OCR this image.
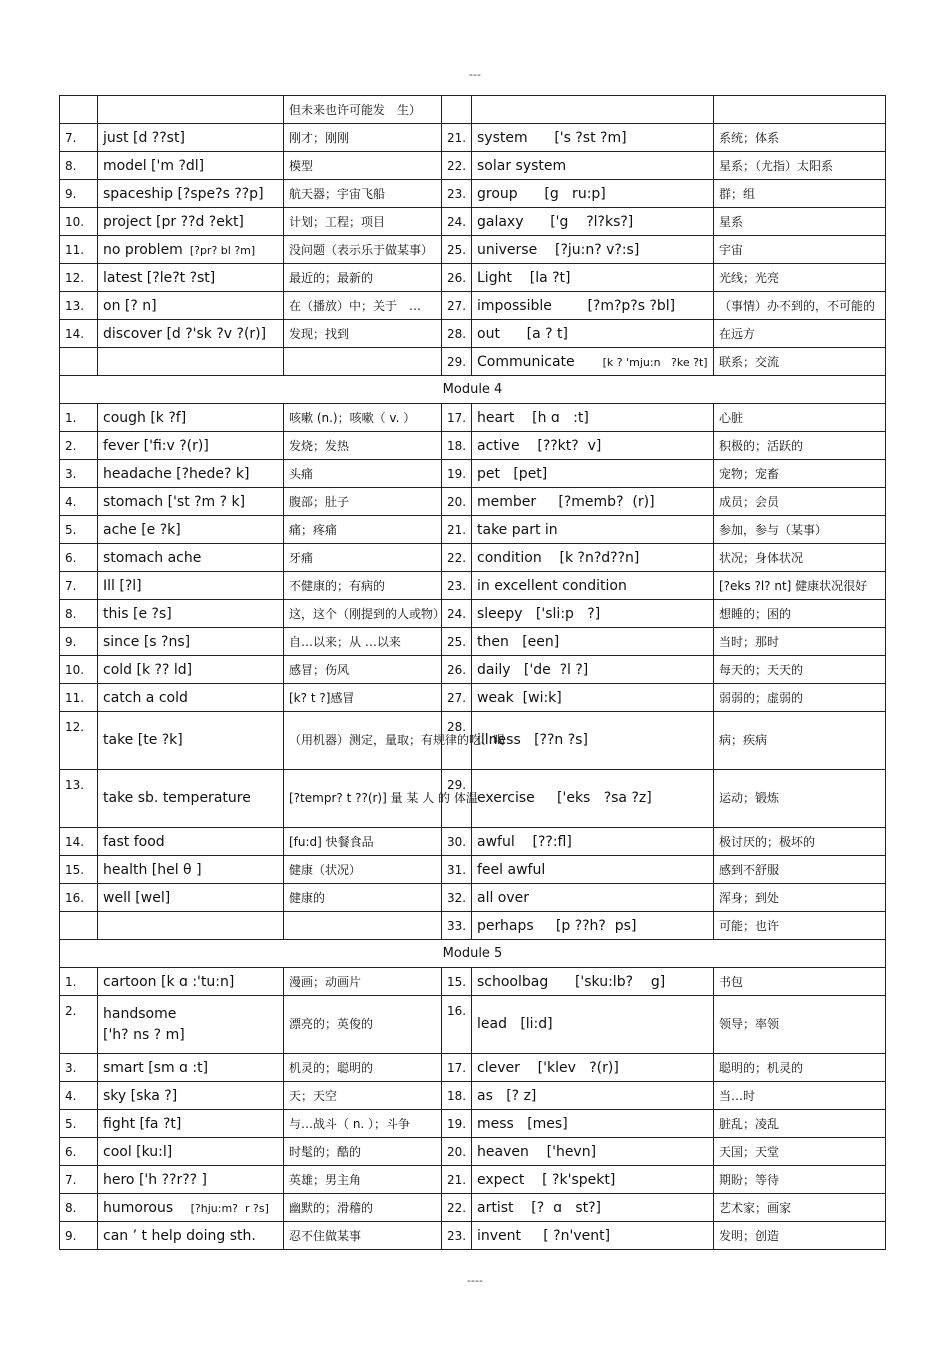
---
		但未来也许可能发　生）			
7.	just [d ??st]	刚才；刚刚	21.	system      ['s ?st ?m]	系统；体系
8.	model ['m ?dl]	模型	22.	solar system	星系；（尤指）太阳系
9.	spaceship [?spe?s ??p]	航天器；宇宙飞船	23.	group      [g   ru:p]	群；组
10.	project [pr ??d ?ekt]	计划；工程；项目	24.	galaxy      ['g    ?l?ks?]	星系
11.	no problem  [?pr? bl ?m]	没问题（表示乐于做某事）	25.	universe    [?ju:n? v?:s]	宇宙
12.	latest [?le?t ?st]	最近的；最新的	26.	Light    [la ?t]	光线；光亮
13.	on [? n]	在（播放）中；关于　…	27.	impossible        [?m?p?s ?bl]	（事情）办不到的，不可能的
14.	discover [d ?'sk ?v ?(r)]	发现；找到	28.	out      [a ? t]	在远方
			29.	Communicate        [k ? 'mju:n   ?ke ?t]	联系；交流
Module 4					
1.	cough [k ?f]	咳嗽 (n.)；咳嗽（ v. ）	17.	heart    [h ɑ   :t]	心脏
2.	fever ['fi:v ?(r)]	发烧；发热	18.	active    [??kt?  v]	积极的；活跃的
3.	headache [?hede? k]	头痛	19.	pet   [pet]	宠物；宠畜
4.	stomach ['st ?m ? k]	腹部；肚子	20.	member     [?memb?  (r)]	成员；会员
5.	ache [e ?k]	痛；疼痛	21.	take part in	参加，参与（某事）
6.	stomach ache	牙痛	22.	condition    [k ?n?d??n]	状况；身体状况
7.	Ill [?l]	不健康的；有病的	23.	in excellent condition	[?eks ?l? nt] 健康状况很好
8.	this [e ?s]	这，这个（刚提到的人或物）	24.	sleepy   ['sli:p   ?]	想睡的；困的
9.	since [s ?ns]	自…以来；从 …以来	25.	then   [een]	当时；那时
10.	cold [k ?? ld]	感冒；伤风	26.	daily   ['de  ?l ?]	每天的；天天的
11.	catch a cold	[k? t ?]感冒	27.	weak  [wi:k]	弱弱的；虚弱的
12.	take [te ?k]	（用机器）测定，量取；有规律的吃、喝	28.	illness   [??n ?s]	病；疾病
13.	take sb. temperature	[?tempr? t ??(r)] 量 某 人 的 体温	29.	exercise     ['eks   ?sa ?z]	运动；锻炼
14.	fast food	[fu:d] 快餐食品	30.	awful    [??:fl]	极讨厌的；极坏的
15.	health [hel θ ]	健康（状况）	31.	feel awful	感到不舒服
16.	well [wel]	健康的	32.	all over	浑身；到处
			33.	perhaps     [p ??h?  ps]	可能；也许
Module 5					
1.	cartoon [k ɑ :'tu:n]	漫画；动画片	15.	schoolbag      ['sku:lb?    g]	书包
2.	handsome
['h? ns ? m]	漂亮的；英俊的	16.	lead   [li:d]	领导；率领
3.	smart [sm ɑ :t]	机灵的；聪明的	17.	clever    ['klev   ?(r)]	聪明的；机灵的
4.	sky [ska ?]	天；天空	18.	as   [? z]	当…时
5.	fight [fa ?t]	与…战斗（ n. ）；斗争	19.	mess   [mes]	脏乱；凌乱
6.	cool [ku:l]	时髦的；酷的	20.	heaven    ['hevn]	天国；天堂
7.	hero ['h ??r?? ]	英雄；男主角	21.	expect    [ ?k'spekt]	期盼；等待
8.	humorous     [?hju:m?  r ?s]	幽默的；滑稽的	22.	artist    [?  ɑ   st?]	艺术家；画家
9.	can ’ t help doing sth.	忍不住做某事	23.	invent     [ ?n'vent]	发明；创造
----
